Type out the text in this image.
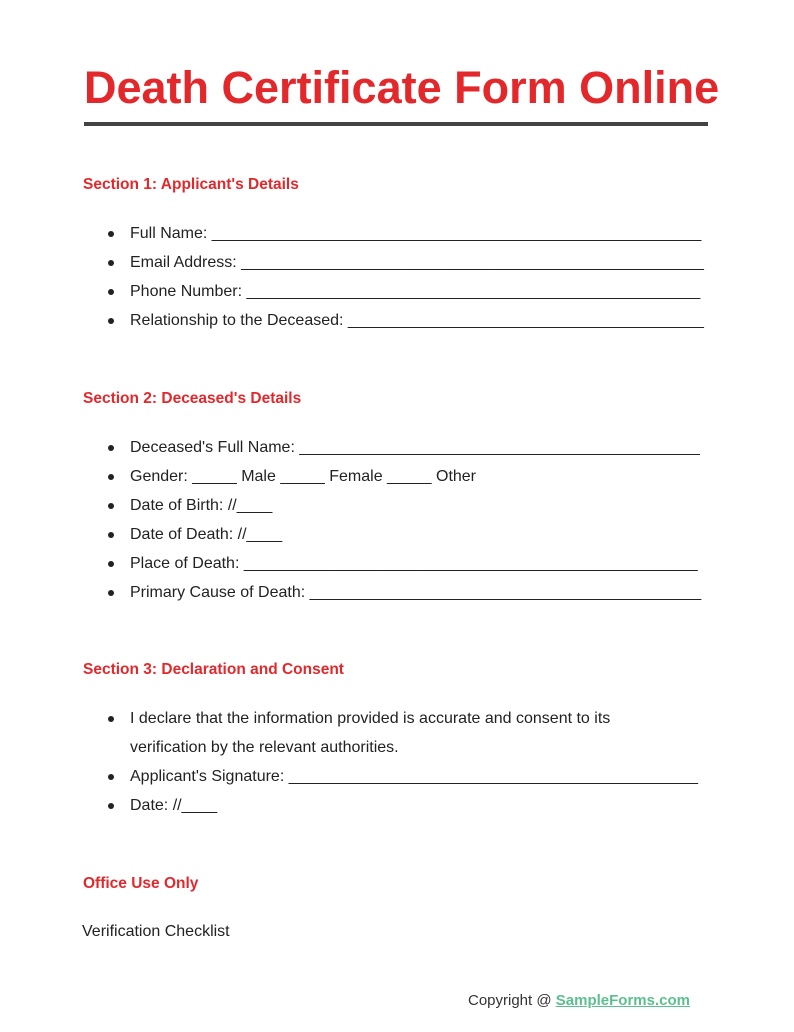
Death Certificate Form Online
Section 1: Applicant's Details
Full Name: _______________________________________________________
Email Address: ____________________________________________________
Phone Number: ___________________________________________________
Relationship to the Deceased: ________________________________________
Section 2: Deceased's Details
Deceased's Full Name: _____________________________________________
Gender: _____ Male _____ Female _____ Other
Date of Birth: //____
Date of Death: //____
Place of Death: ___________________________________________________
Primary Cause of Death: ____________________________________________
Section 3: Declaration and Consent
I declare that the information provided is accurate and consent to its verification by the relevant authorities.
Applicant's Signature: ______________________________________________
Date: //____
Office Use Only
Verification Checklist
Copyright @ SampleForms.com
